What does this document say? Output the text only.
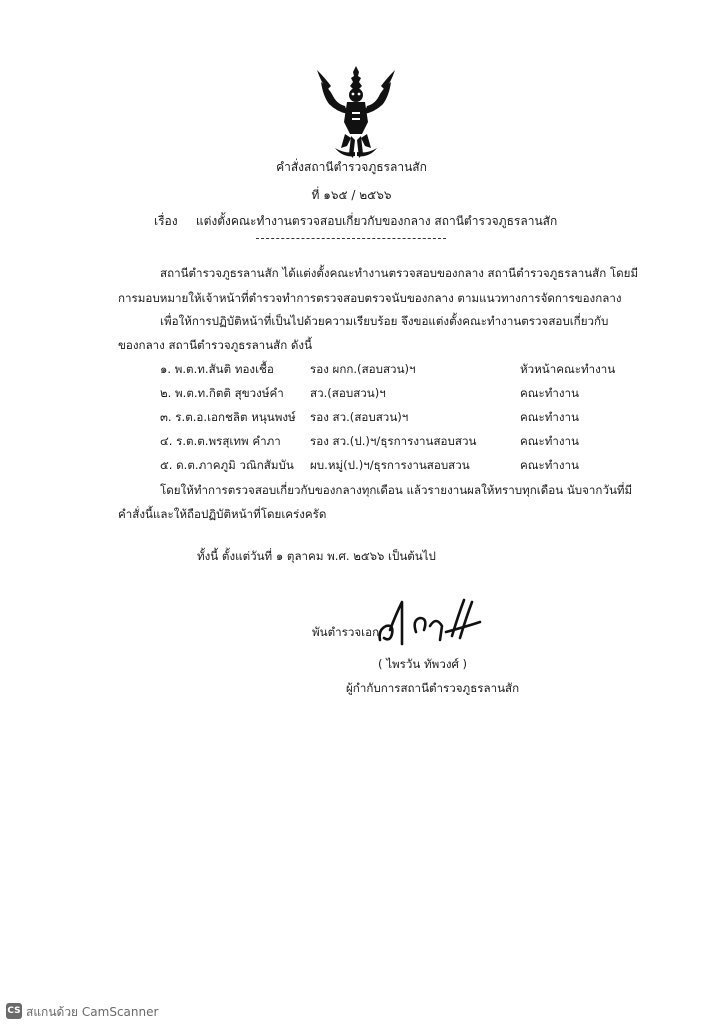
คำสั่งสถานีตำรวจภูธรลานสัก
ที่ ๑๖๕ / ๒๕๖๖
เรื่อง แต่งตั้งคณะทำงานตรวจสอบเกี่ยวกับของกลาง สถานีตำรวจภูธรลานสัก
สถานีตำรวจภูธรลานสัก ได้แต่งตั้งคณะทำงานตรวจสอบของกลาง สถานีตำรวจภูธรลานสัก โดยมี
การมอบหมายให้เจ้าหน้าที่ตำรวจทำการตรวจสอบตรวจนับของกลาง ตามแนวทางการจัดการของกลาง
เพื่อให้การปฏิบัติหน้าที่เป็นไปด้วยความเรียบร้อย จึงขอแต่งตั้งคณะทำงานตรวจสอบเกี่ยวกับ
ของกลาง สถานีตำรวจภูธรลานสัก ดังนี้
๑. พ.ต.ท.สันติ ทองเชื้อ	รอง ผกก.(สอบสวน)ฯ	หัวหน้าคณะทำงาน
๒. พ.ต.ท.กิตติ สุขวงษ์คำ สว.(สอบสวน)ฯ	คณะทำงาน
๓. ร.ต.อ.เอกชลิต หนุนพงษ์ รอง สว.(สอบสวน)ฯ	คณะทำงาน
๔. ร.ต.ต.พรสุเทพ คำภา	รอง สว.(ป.)ฯ/ธุรการงานสอบสวน	คณะทำงาน
๕. ด.ต.ภาคภูมิ วณิกสัมบัน ผบ.หมู่(ป.)ฯ/ธุรการงานสอบสวน	คณะทำงาน
โดยให้ทำการตรวจสอบเกี่ยวกับของกลางทุกเดือน แล้วรายงานผลให้ทราบทุกเดือน นับจากวันที่มี
คำสั่งนี้และให้ถือปฏิบัติหน้าที่โดยเคร่งครัด
ทั้งนี้ ตั้งแต่วันที่ ๑ ตุลาคม พ.ศ. ๒๕๖๖ เป็นต้นไป
พันตำรวจเอก
( ไพรวัน ทัพวงศ์ )
ผู้กำกับการสถานีตำรวจภูธรลานสัก
CS สแกนด้วย CamScanner
